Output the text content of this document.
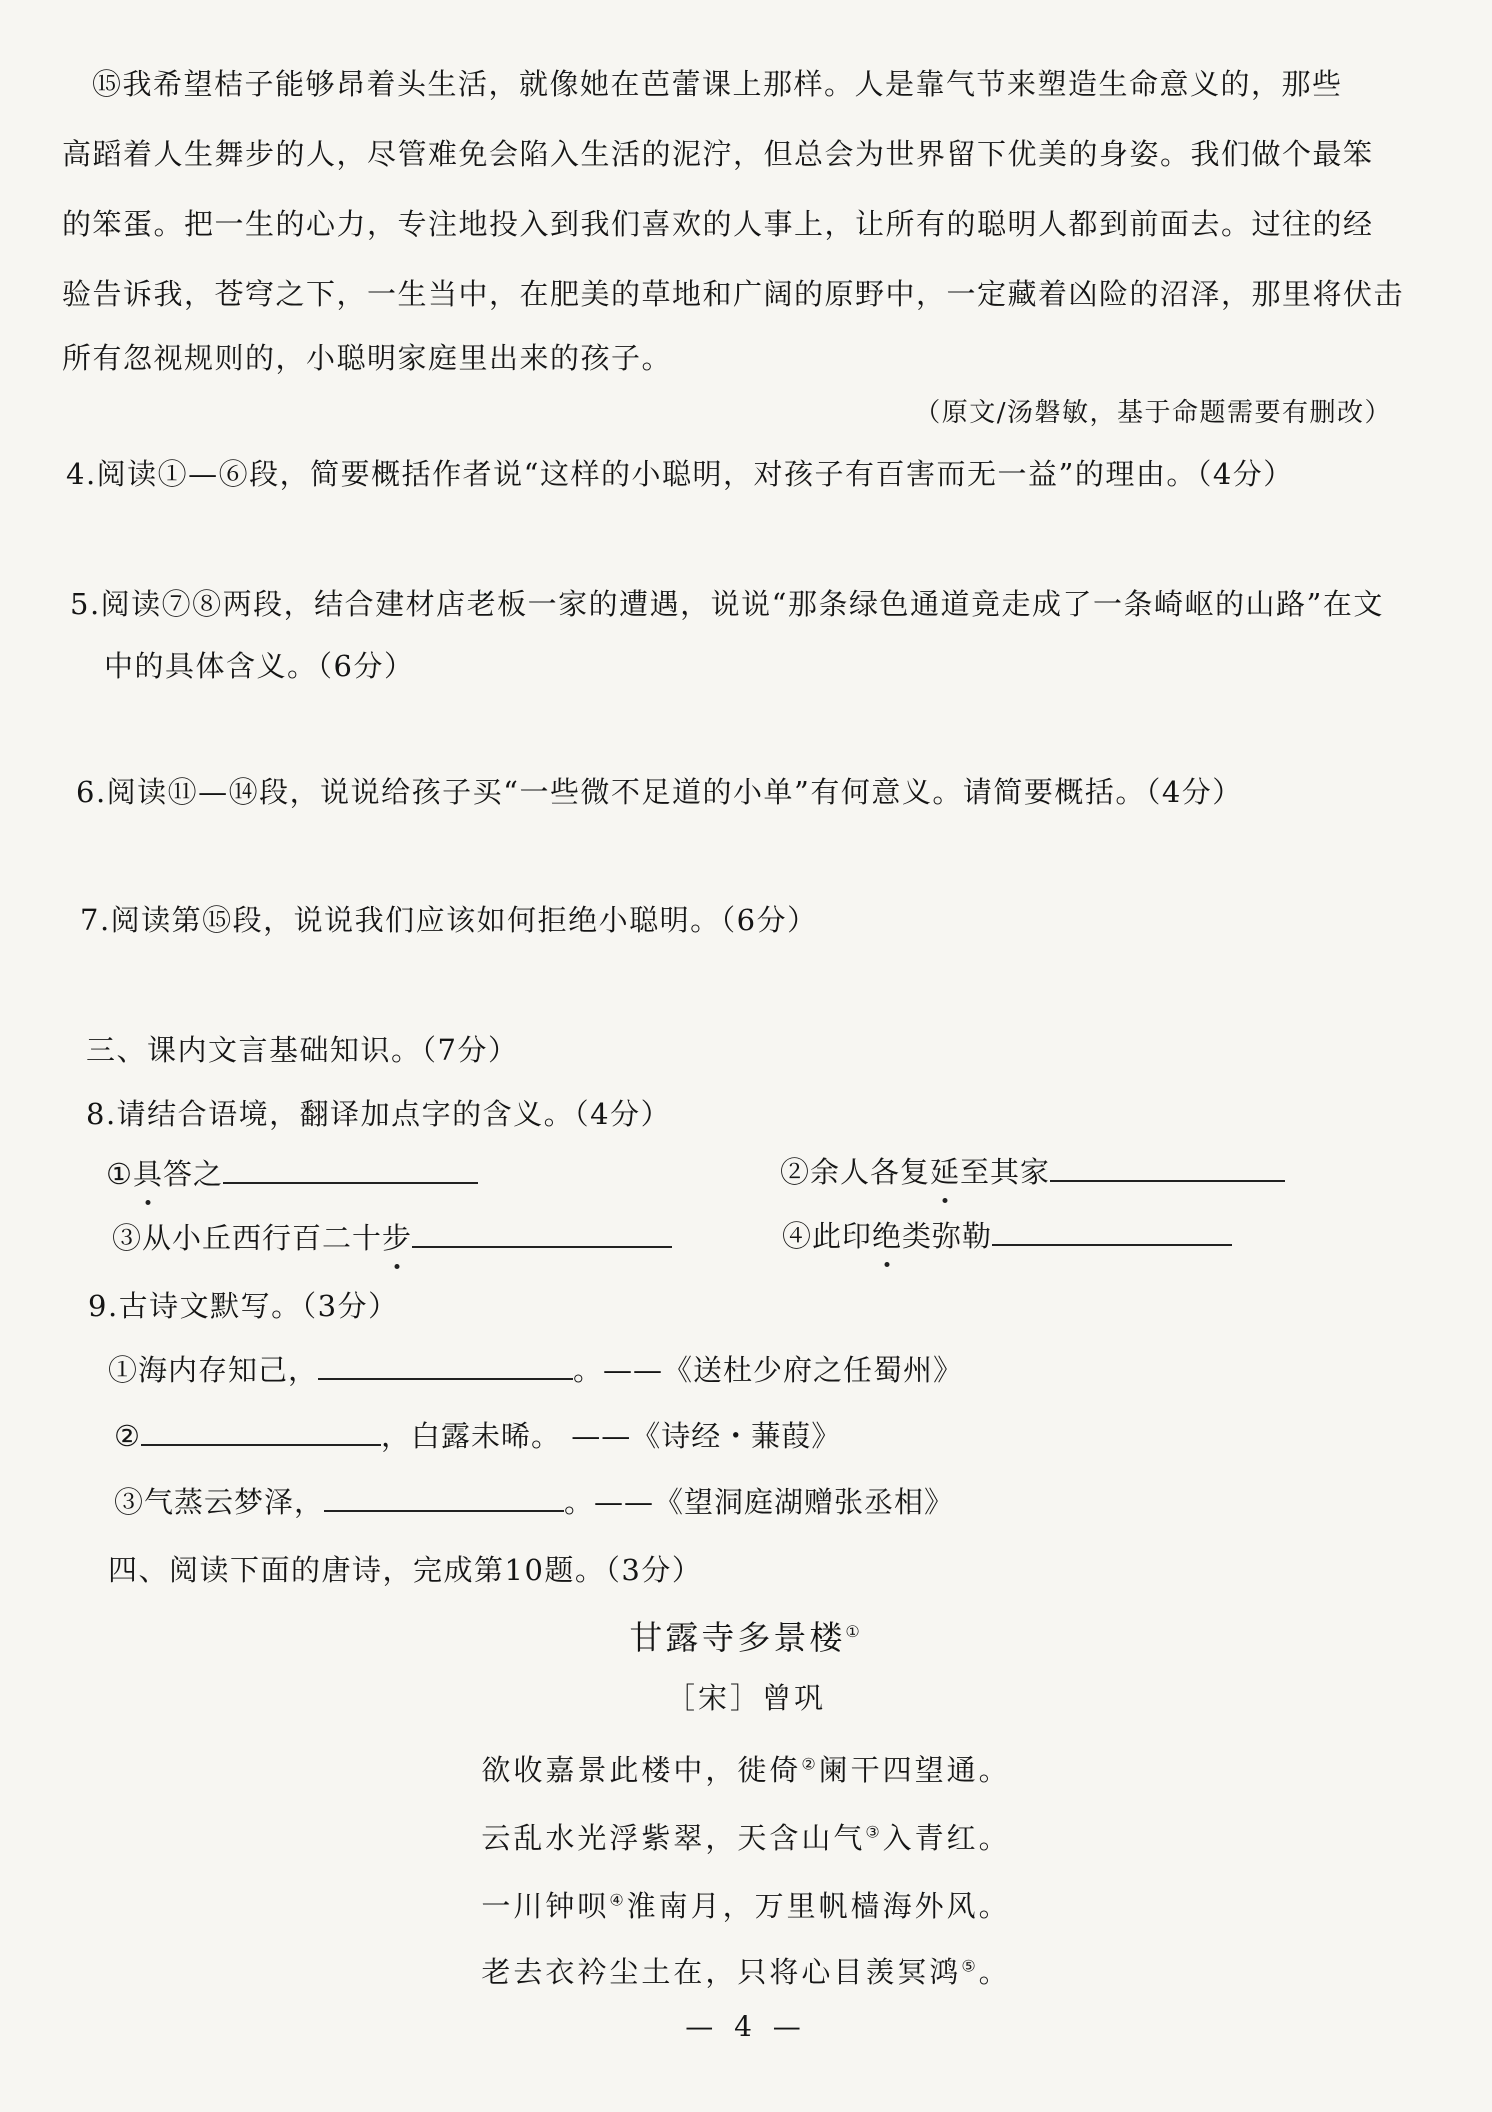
⑮我希望桔子能够昂着头生活，就像她在芭蕾课上那样。人是靠气节来塑造生命意义的，那些
高蹈着人生舞步的人，尽管难免会陷入生活的泥泞，但总会为世界留下优美的身姿。我们做个最笨
的笨蛋。把一生的心力，专注地投入到我们喜欢的人事上，让所有的聪明人都到前面去。过往的经
验告诉我，苍穹之下，一生当中，在肥美的草地和广阔的原野中，一定藏着凶险的沼泽，那里将伏击
所有忽视规则的，小聪明家庭里出来的孩子。
（原文/汤磐敏，基于命题需要有删改）
4.阅读①—⑥段，简要概括作者说“这样的小聪明，对孩子有百害而无一益”的理由。（4分）
5.阅读⑦⑧两段，结合建材店老板一家的遭遇，说说“那条绿色通道竟走成了一条崎岖的山路”在文
中的具体含义。（6分）
6.阅读⑪—⑭段，说说给孩子买“一些微不足道的小单”有何意义。请简要概括。（4分）
7.阅读第⑮段，说说我们应该如何拒绝小聪明。（6分）
三、课内文言基础知识。（7分）
8.请结合语境，翻译加点字的含义。（4分）
①具答之	②余人各复延至其家
③从小丘西行百二十步	④此印绝类弥勒
9.古诗文默写。（3分）
①海内存知己，	。——《送杜少府之任蜀州》
②	，白露未晞。 ——《诗经・蒹葭》
③气蒸云梦泽，	。——《望洞庭湖赠张丞相》
四、阅读下面的唐诗，完成第10题。（3分）
甘露寺多景楼①
［宋］曾巩
欲收嘉景此楼中，徙倚②阑干四望通。
云乱水光浮紫翠，天含山气③入青红。
一川钟呗④淮南月，万里帆樯海外风。
老去衣衿尘土在，只将心目羡冥鸿⑤。
— 4 —
